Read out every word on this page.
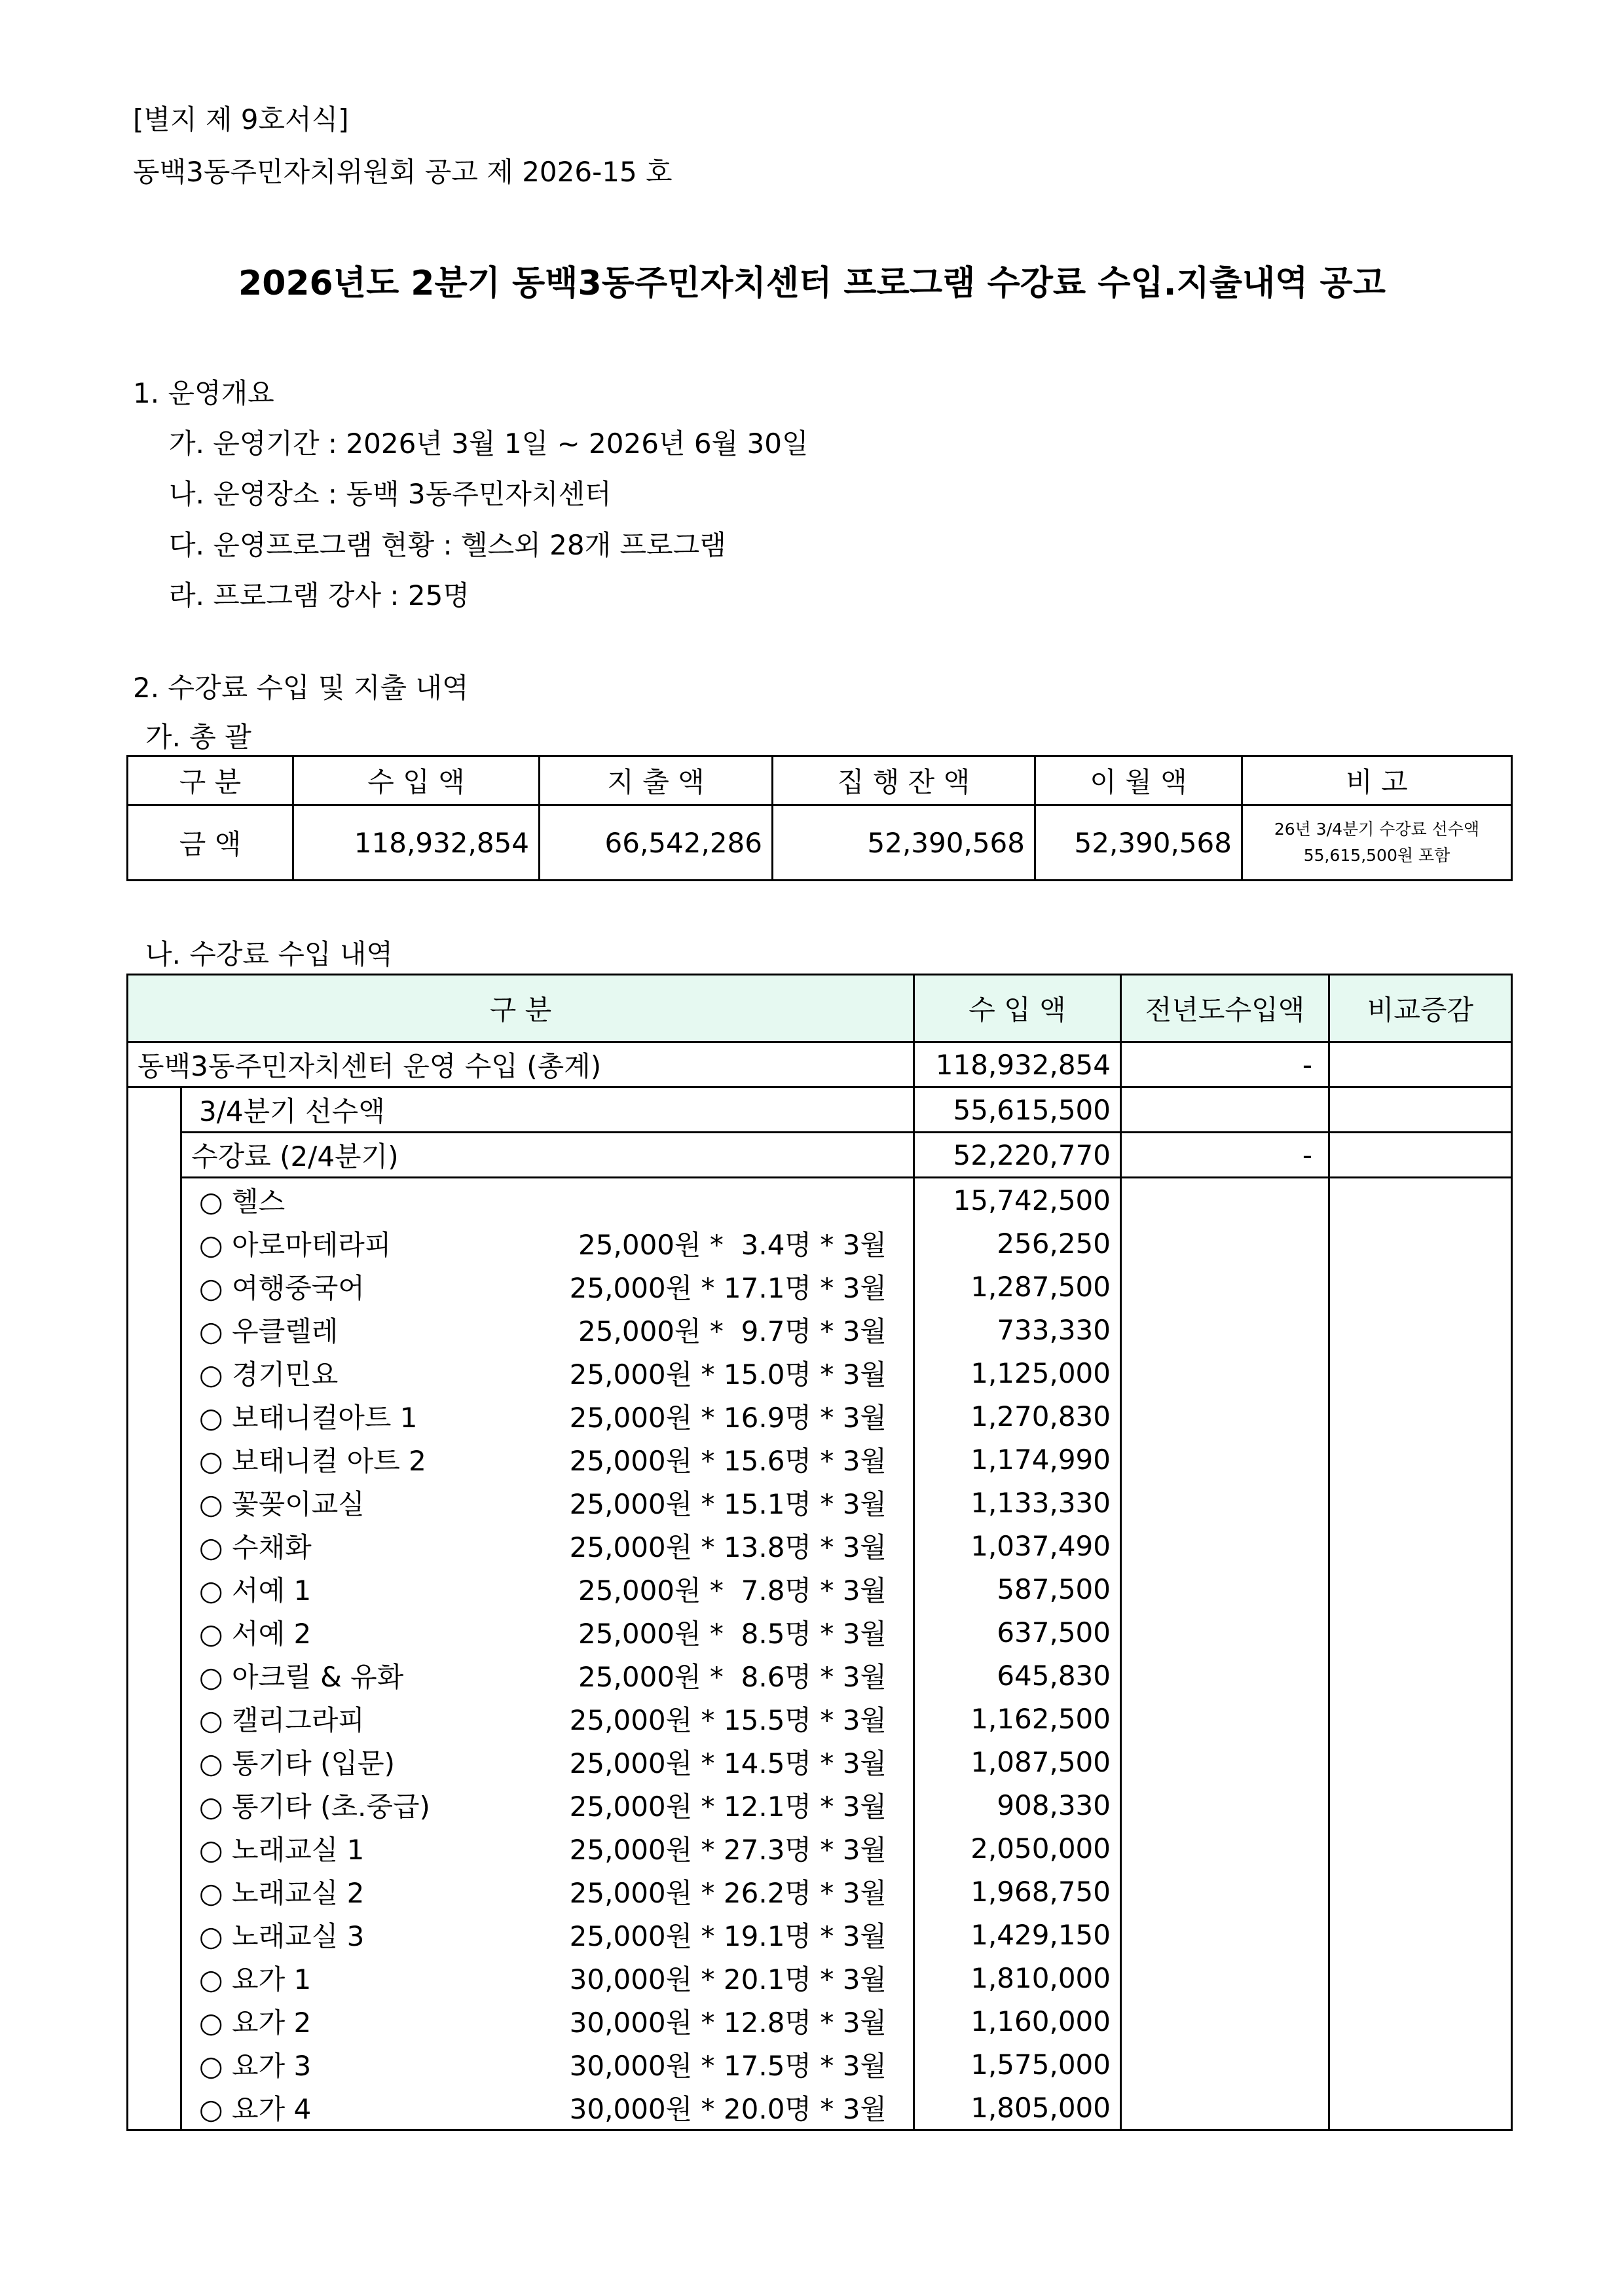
[별지 제 9호서식]
동백3동주민자치위원회 공고 제 2026-15 호
2026년도 2분기 동백3동주민자치센터 프로그램 수강료 수입.지출내역 공고
1. 운영개요
가. 운영기간 : 2026년 3월 1일 ~ 2026년 6월 30일
나. 운영장소 : 동백 3동주민자치센터
다. 운영프로그램 현황 : 헬스외 28개 프로그램
라. 프로그램 강사 : 25명
2. 수강료 수입 및 지출 내역
가. 총 괄
구 분	수 입 액	지 출 액	집 행 잔 액	이 월 액	비 고
금 액	118,932,854	66,542,286	52,390,568	52,390,568	26년 3/4분기 수강료 선수액
55,615,500원 포함
나. 수강료 수입 내역
구 분		수 입 액	전년도수입액	비교증감
동백3동주민자치센터 운영 수입 (총계)		118,932,854	-	
	3/4분기 선수액	55,615,500		
	수강료 (2/4분기)	52,220,770	-	
	○ 헬스	15,742,500		
	○ 아로마테라피 25,000원 *  3.4명 * 3월	256,250		
	○ 여행중국어 25,000원 * 17.1명 * 3월	1,287,500		
	○ 우클렐레 25,000원 *  9.7명 * 3월	733,330		
	○ 경기민요 25,000원 * 15.0명 * 3월	1,125,000		
	○ 보태니컬아트 1 25,000원 * 16.9명 * 3월	1,270,830		
	○ 보태니컬 아트 2 25,000원 * 15.6명 * 3월	1,174,990		
	○ 꽃꽂이교실 25,000원 * 15.1명 * 3월	1,133,330		
	○ 수채화 25,000원 * 13.8명 * 3월	1,037,490		
	○ 서예 1 25,000원 *  7.8명 * 3월	587,500		
	○ 서예 2 25,000원 *  8.5명 * 3월	637,500		
	○ 아크릴 & 유화 25,000원 *  8.6명 * 3월	645,830		
	○ 캘리그라피 25,000원 * 15.5명 * 3월	1,162,500		
	○ 통기타 (입문) 25,000원 * 14.5명 * 3월	1,087,500		
	○ 통기타 (초.중급) 25,000원 * 12.1명 * 3월	908,330		
	○ 노래교실 1 25,000원 * 27.3명 * 3월	2,050,000		
	○ 노래교실 2 25,000원 * 26.2명 * 3월	1,968,750		
	○ 노래교실 3 25,000원 * 19.1명 * 3월	1,429,150		
	○ 요가 1 30,000원 * 20.1명 * 3월	1,810,000		
	○ 요가 2 30,000원 * 12.8명 * 3월	1,160,000		
	○ 요가 3 30,000원 * 17.5명 * 3월	1,575,000		
	○ 요가 4 30,000원 * 20.0명 * 3월	1,805,000		
